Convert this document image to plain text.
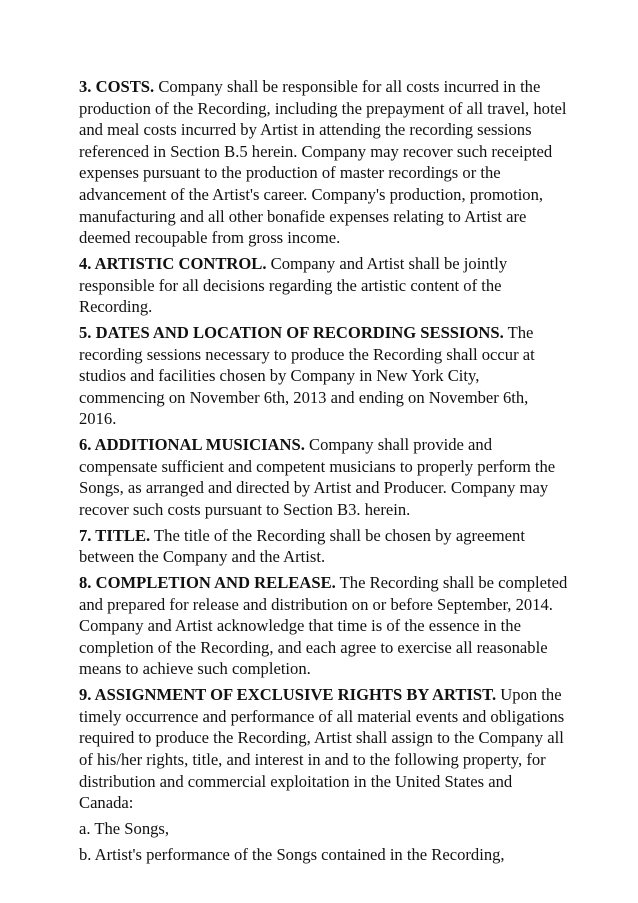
3. COSTS. Company shall be responsible for all costs incurred in the production of the Recording, including the prepayment of all travel, hotel and meal costs incurred by Artist in attending the recording sessions referenced in Section B.5 herein. Company may recover such receipted expenses pursuant to the production of master recordings or the advancement of the Artist's career. Company's production, promotion, manufacturing and all other bonafide expenses relating to Artist are deemed recoupable from gross income.

4. ARTISTIC CONTROL. Company and Artist shall be jointly responsible for all decisions regarding the artistic content of the Recording.

5. DATES AND LOCATION OF RECORDING SESSIONS. The recording sessions necessary to produce the Recording shall occur at studios and facilities chosen by Company in New York City, commencing on November 6th, 2013 and ending on November 6th, 2016.

6. ADDITIONAL MUSICIANS. Company shall provide and compensate sufficient and competent musicians to properly perform the Songs, as arranged and directed by Artist and Producer. Company may recover such costs pursuant to Section B3. herein.

7. TITLE. The title of the Recording shall be chosen by agreement between the Company and the Artist.

8. COMPLETION AND RELEASE. The Recording shall be completed and prepared for release and distribution on or before September, 2014. Company and Artist acknowledge that time is of the essence in the completion of the Recording, and each agree to exercise all reasonable means to achieve such completion.

9. ASSIGNMENT OF EXCLUSIVE RIGHTS BY ARTIST. Upon the timely occurrence and performance of all material events and obligations required to produce the Recording, Artist shall assign to the Company all of his/her rights, title, and interest in and to the following property, for distribution and commercial exploitation in the United States and Canada:

a. The Songs,

b. Artist's performance of the Songs contained in the Recording,
